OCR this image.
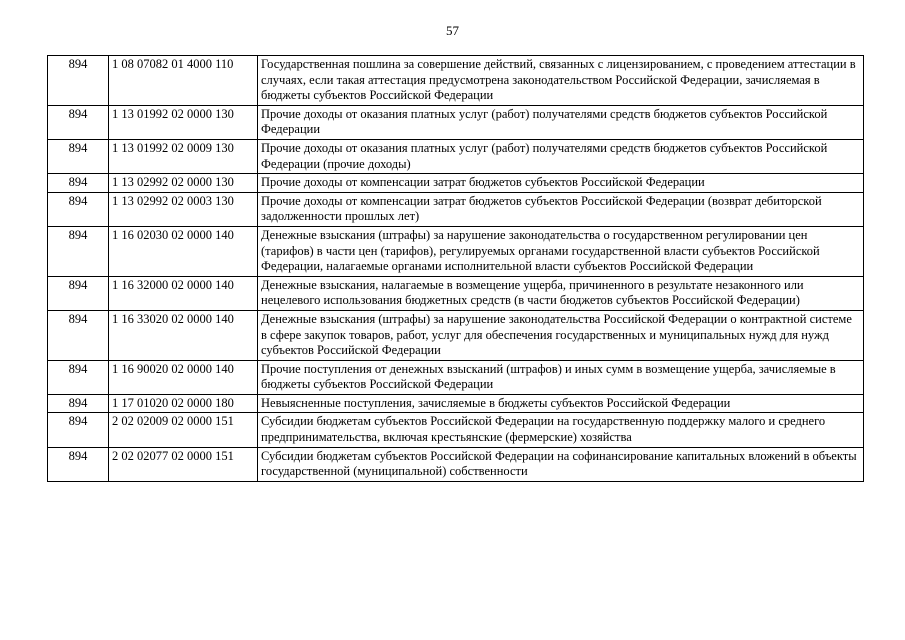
57
894	1 08 07082 01 4000 110	Государственная пошлина за совершение действий, связанных с лицензированием, с проведением аттестации в случаях, если такая аттестация предусмотрена законодательством Российской Федерации, зачисляемая в бюджеты субъектов Российской Федерации
894	1 13 01992 02 0000 130	Прочие доходы от оказания платных услуг (работ) получателями средств бюджетов субъектов Российской Федерации
894	1 13 01992 02 0009 130	Прочие доходы от оказания платных услуг (работ) получателями средств бюджетов субъектов Российской Федерации (прочие доходы)
894	1 13 02992 02 0000 130	Прочие доходы от компенсации затрат бюджетов субъектов Российской Федерации
894	1 13 02992 02 0003 130	Прочие доходы от компенсации затрат бюджетов субъектов Российской Федерации (возврат дебиторской задолженности прошлых лет)
894	1 16 02030 02 0000 140	Денежные взыскания (штрафы) за нарушение законодательства о государственном регулировании цен (тарифов) в части цен (тарифов), регулируемых органами государственной власти субъектов Российской Федерации, налагаемые органами исполнительной власти субъектов Российской Федерации
894	1 16 32000 02 0000 140	Денежные взыскания, налагаемые в возмещение ущерба, причиненного в результате незаконного или нецелевого использования бюджетных средств (в части бюджетов субъектов Российской Федерации)
894	1 16 33020 02 0000 140	Денежные взыскания (штрафы) за нарушение законодательства Российской Федерации о контрактной системе в сфере закупок товаров, работ, услуг для обеспечения государственных и муниципальных нужд для нужд субъектов Российской Федерации
894	1 16 90020 02 0000 140	Прочие поступления от денежных взысканий (штрафов) и иных сумм в возмещение ущерба, зачисляемые в бюджеты субъектов Российской Федерации
894	1 17 01020 02 0000 180	Невыясненные поступления, зачисляемые в бюджеты субъектов Российской Федерации
894	2 02 02009 02 0000 151	Субсидии бюджетам субъектов Российской Федерации на государственную поддержку малого и среднего предпринимательства, включая крестьянские (фермерские) хозяйства
894	2 02 02077 02 0000 151	Субсидии бюджетам субъектов Российской Федерации на софинансирование капитальных вложений в объекты государственной (муниципальной) собственности
